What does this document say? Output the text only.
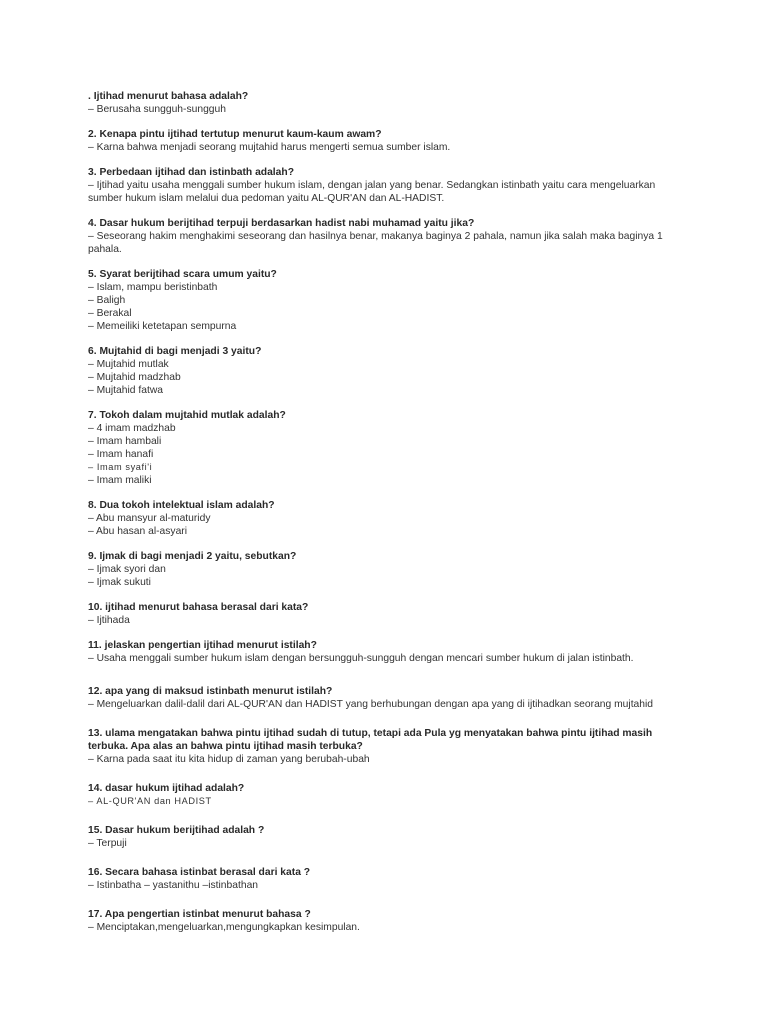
. Ijtihad menurut bahasa adalah?

– Berusaha sungguh-sungguh

2. Kenapa pintu ijtihad tertutup menurut kaum-kaum awam?

– Karna bahwa menjadi seorang mujtahid harus mengerti semua sumber islam.

3. Perbedaan ijtihad dan istinbath adalah?

– Ijtihad yaitu usaha menggali sumber hukum islam, dengan jalan yang benar. Sedangkan istinbath yaitu cara mengeluarkan
sumber hukum islam melalui dua pedoman yaitu AL-QUR'AN dan AL-HADIST.

4. Dasar hukum berijtihad terpuji berdasarkan hadist nabi muhamad yaitu jika?

– Seseorang hakim menghakimi seseorang dan hasilnya benar, makanya baginya 2 pahala, namun jika salah maka baginya 1
pahala.

5. Syarat berijtihad scara umum yaitu?

– Islam, mampu beristinbath
– Baligh
– Berakal
– Memeiliki ketetapan sempurna

6. Mujtahid di bagi menjadi 3 yaitu?

– Mujtahid mutlak
– Mujtahid madzhab
– Mujtahid fatwa

7. Tokoh dalam mujtahid mutlak adalah?

– 4 imam madzhab
– Imam hambali
– Imam hanafi
– Imam syafi'i
– Imam maliki

8. Dua tokoh intelektual islam adalah?

– Abu mansyur al-maturidy
– Abu hasan al-asyari

9. Ijmak di bagi menjadi 2 yaitu, sebutkan?

– Ijmak syori dan
– Ijmak sukuti

10. ijtihad menurut bahasa berasal dari kata?

– Ijtihada

11. jelaskan pengertian ijtihad menurut istilah?

– Usaha menggali sumber hukum islam dengan bersungguh-sungguh dengan mencari sumber hukum di jalan istinbath.

12. apa yang di maksud istinbath menurut istilah?

– Mengeluarkan dalil-dalil dari AL-QUR'AN dan HADIST yang berhubungan dengan apa yang di ijtihadkan seorang mujtahid

13. ulama mengatakan bahwa pintu ijtihad sudah di tutup, tetapi ada Pula yg menyatakan bahwa pintu ijtihad masih

terbuka. Apa alas an bahwa pintu ijtihad masih terbuka?

– Karna pada saat itu kita hidup di zaman yang berubah-ubah

14. dasar hukum ijtihad adalah?

– AL-QUR'AN dan HADIST

15. Dasar hukum berijtihad adalah ?

– Terpuji

16. Secara bahasa istinbat berasal dari kata ?

– Istinbatha – yastanithu –istinbathan

17. Apa pengertian istinbat menurut bahasa ?

– Menciptakan,mengeluarkan,mengungkapkan kesimpulan.
